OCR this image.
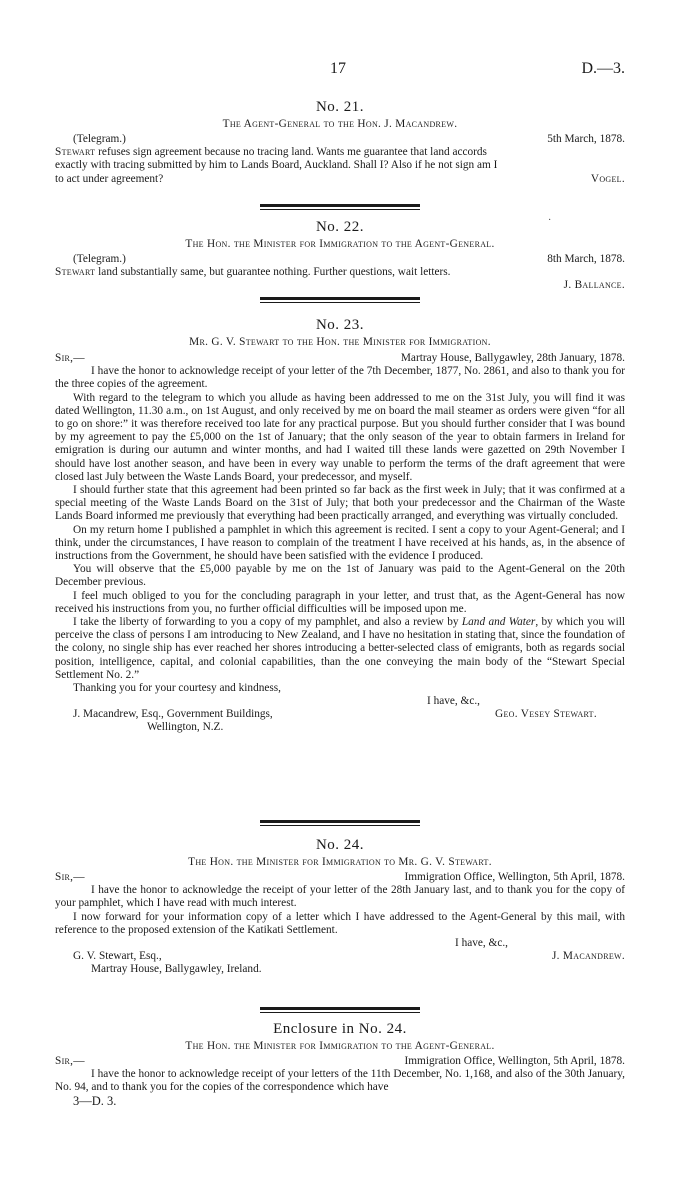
17	D.—3.
No. 21.
The Agent-General to the Hon. J. Macandrew.
(Telegram.)	5th March, 1878.
Stewart refuses sign agreement because no tracing land. Wants me guarantee that land accords
exactly with tracing submitted by him to Lands Board, Auckland. Shall I? Also if he not sign am I
to act under agreement?	Vogel.
·
No. 22.
The Hon. the Minister for Immigration to the Agent-General.
(Telegram.)	8th March, 1878.
Stewart land substantially same, but guarantee nothing. Further questions, wait letters.
J. Ballance.
No. 23.
Mr. G. V. Stewart to the Hon. the Minister for Immigration.
Sir,—	Martray House, Ballygawley, 28th January, 1878.

I have the honor to acknowledge receipt of your letter of the 7th December, 1877, No. 2861, and also to thank you for the three copies of the agreement.

With regard to the telegram to which you allude as having been addressed to me on the 31st July, you will find it was dated Wellington, 11.30 a.m., on 1st August, and only received by me on board the mail steamer as orders were given “for all to go on shore:” it was therefore received too late for any practical purpose. But you should further consider that I was bound by my agreement to pay the £5,000 on the 1st of January; that the only season of the year to obtain farmers in Ireland for emigration is during our autumn and winter months, and had I waited till these lands were gazetted on 29th November I should have lost another season, and have been in every way unable to perform the terms of the draft agreement that were closed last July between the Waste Lands Board, your predecessor, and myself.

I should further state that this agreement had been printed so far back as the first week in July; that it was confirmed at a special meeting of the Waste Lands Board on the 31st of July; that both your predecessor and the Chairman of the Waste Lands Board informed me previously that everything had been practically arranged, and everything was virtually concluded.

On my return home I published a pamphlet in which this agreement is recited. I sent a copy to your Agent-General; and I think, under the circumstances, I have reason to complain of the treatment I have received at his hands, as, in the absence of instructions from the Government, he should have been satisfied with the evidence I produced.

You will observe that the £5,000 payable by me on the 1st of January was paid to the Agent-General on the 20th December previous.

I feel much obliged to you for the concluding paragraph in your letter, and trust that, as the Agent-General has now received his instructions from you, no further official difficulties will be imposed upon me.

I take the liberty of forwarding to you a copy of my pamphlet, and also a review by Land and Water, by which you will perceive the class of persons I am introducing to New Zealand, and I have no hesitation in stating that, since the foundation of the colony, no single ship has ever reached her shores introducing a better-selected class of emigrants, both as regards social position, intelligence, capital, and colonial capabilities, than the one conveying the main body of the “Stewart Special Settlement No. 2.”

Thanking you for your courtesy and kindness,

I have, &c.,
J. Macandrew, Esq., Government Buildings,	Geo. Vesey Stewart.
Wellington, N.Z.
No. 24.
The Hon. the Minister for Immigration to Mr. G. V. Stewart.
Sir,—	Immigration Office, Wellington, 5th April, 1878.

I have the honor to acknowledge the receipt of your letter of the 28th January last, and to thank you for the copy of your pamphlet, which I have read with much interest.

I now forward for your information copy of a letter which I have addressed to the Agent-General by this mail, with reference to the proposed extension of the Katikati Settlement.

I have, &c.,
G. V. Stewart, Esq.,	J. Macandrew.
Martray House, Ballygawley, Ireland.
Enclosure in No. 24.
The Hon. the Minister for Immigration to the Agent-General.
Sir,—	Immigration Office, Wellington, 5th April, 1878.

I have the honor to acknowledge receipt of your letters of the 11th December, No. 1,168, and also of the 30th January, No. 94, and to thank you for the copies of the correspondence which have

3—D. 3.
